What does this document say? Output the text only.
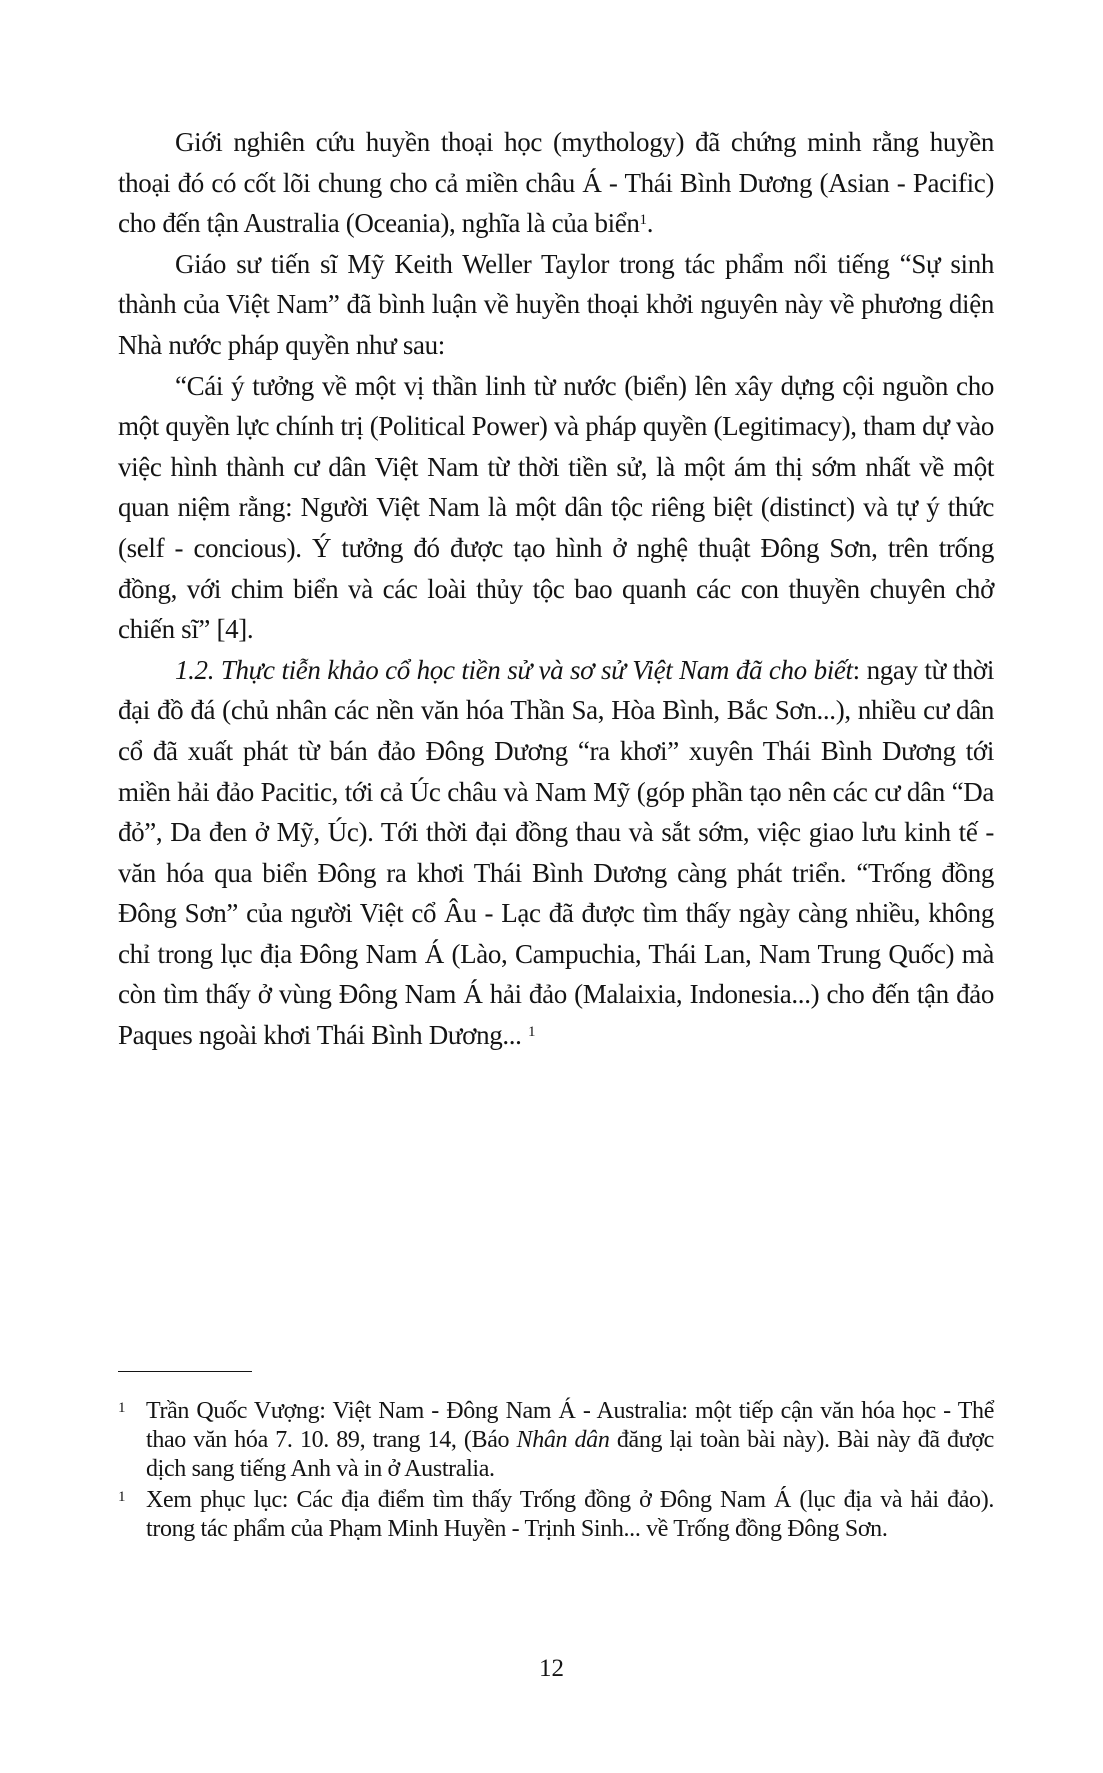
Giới nghiên cứu huyền thoại học (mythology) đã chứng minh rằng huyền thoại đó có cốt lõi chung cho cả miền châu Á - Thái Bình Dương (Asian - Pacific) cho đến tận Australia (Oceania), nghĩa là của biển$^1$.

Giáo sư tiến sĩ Mỹ Keith Weller Taylor trong tác phẩm nổi tiếng “Sự sinh thành của Việt Nam” đã bình luận về huyền thoại khởi nguyên này về phương diện Nhà nước pháp quyền như sau:

“Cái ý tưởng về một vị thần linh từ nước (biển) lên xây dựng cội nguồn cho một quyền lực chính trị (Political Power) và pháp quyền (Legitimacy), tham dự vào việc hình thành cư dân Việt Nam từ thời tiền sử, là một ám thị sớm nhất về một quan niệm rằng: Người Việt Nam là một dân tộc riêng biệt (distinct) và tự ý thức (self - concious). Ý tưởng đó được tạo hình ở nghệ thuật Đông Sơn, trên trống đồng, với chim biển và các loài thủy tộc bao quanh các con thuyền chuyên chở chiến sĩ” [4].

1.2. Thực tiễn khảo cổ học tiền sử và sơ sử Việt Nam đã cho biết: ngay từ thời đại đồ đá (chủ nhân các nền văn hóa Thần Sa, Hòa Bình, Bắc Sơn...), nhiều cư dân cổ đã xuất phát từ bán đảo Đông Dương “ra khơi” xuyên Thái Bình Dương tới miền hải đảo Pacitic, tới cả Úc châu và Nam Mỹ (góp phần tạo nên các cư dân “Da đỏ”, Da đen ở Mỹ, Úc). Tới thời đại đồng thau và sắt sớm, việc giao lưu kinh tế - văn hóa qua biển Đông ra khơi Thái Bình Dương càng phát triển. “Trống đồng Đông Sơn” của người Việt cổ Âu - Lạc đã được tìm thấy ngày càng nhiều, không chỉ trong lục địa Đông Nam Á (Lào, Campuchia, Thái Lan, Nam Trung Quốc) mà còn tìm thấy ở vùng Đông Nam Á hải đảo (Malaixia, Indonesia...) cho đến tận đảo Paques ngoài khơi Thái Bình Dương... $^1$

1 Trần Quốc Vượng: Việt Nam - Đông Nam Á - Australia: một tiếp cận văn hóa học - Thể thao văn hóa 7. 10. 89, trang 14, (Báo Nhân dân đăng lại toàn bài này). Bài này đã được dịch sang tiếng Anh và in ở Australia.
1 Xem phục lục: Các địa điểm tìm thấy Trống đồng ở Đông Nam Á (lục địa và hải đảo). trong tác phẩm của Phạm Minh Huyền - Trịnh Sinh... về Trống đồng Đông Sơn.
12
